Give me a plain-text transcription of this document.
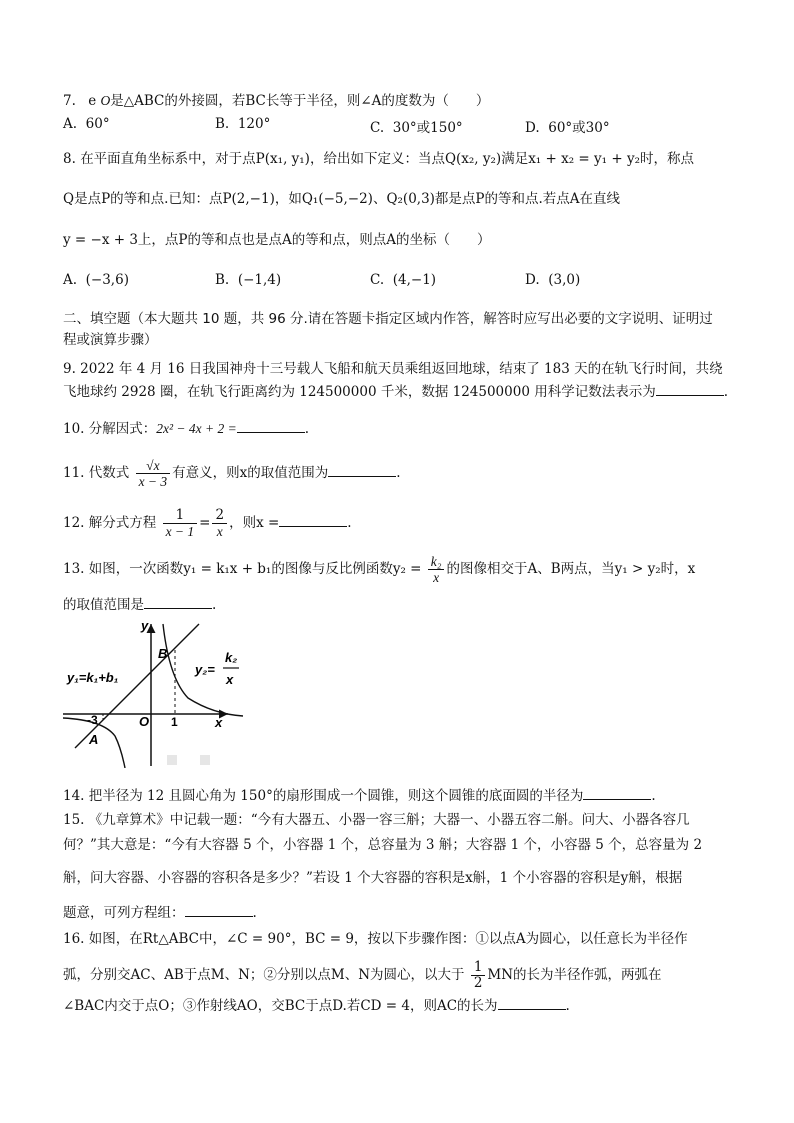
7. e O是△ABC的外接圆，若BC长等于半径，则∠A的度数为（　　）
A. 60°	B. 120°	C. 30°或150°	D. 60°或30°
8. 在平面直角坐标系中，对于点P(x₁, y₁)，给出如下定义：当点Q(x₂, y₂)满足x₁ + x₂ = y₁ + y₂时，称点
Q是点P的等和点.已知：点P(2,−1)，如Q₁(−5,−2)、Q₂(0,3)都是点P的等和点.若点A在直线
y = −x + 3上，点P的等和点也是点A的等和点，则点A的坐标（　　）
A. (−3,6)	B. (−1,4)	C. (4,−1)	D. (3,0)
二、填空题（本大题共 10 题，共 96 分.请在答题卡指定区域内作答，解答时应写出必要的文字说明、证明过
程或演算步骤）
9. 2022 年 4 月 16 日我国神舟十三号载人飞船和航天员乘组返回地球，结束了 183 天的在轨飞行时间，共绕
飞地球约 2928 圈，在轨飞行距离约为 124500000 千米，数据 124500000 用科学记数法表示为	.
10. 分解因式：2x² − 4x + 2 =	.
11. 代数式 $\frac{√x}{x - 3}$ 有意义，则x的取值范围为	.
12. 解分式方程 $\frac{1}{x - 1} = \frac{2}{x}$ ，则x =	.
13. 如图，一次函数y₁ = k₁x + b₁的图像与反比例函数$y_2 = \frac{\text{k₂}}{x}$ 的图像相交于A、B两点，当y₁ > y₂时，x
的取值范围是	.
y
x
O
-3	1
A
B
y₁=k₁+b₁
y₂=
k₂
x
14. 把半径为 12 且圆心角为 150°的扇形围成一个圆锥，则这个圆锥的底面圆的半径为	.
15. 《九章算术》中记载一题：“今有大器五、小器一容三斛；大器一、小器五容二斛。问大、小器各容几
何？”其大意是：“今有大容器 5 个，小容器 1 个，总容量为 3 斛；大容器 1 个，小容器 5 个，总容量为 2
斛，问大容器、小容器的容积各是多少？”若设 1 个大容器的容积是x斛，1 个小容器的容积是y斛，根据
题意，可列方程组：	.
16. 如图，在Rt△ABC中，∠C = 90°，BC = 9，按以下步骤作图：①以点A为圆心，以任意长为半径作
弧，分别交AC、AB于点M、N；②分别以点M、N为圆心，以大于 $\frac{1}{2}$ MN的长为半径作弧，两弧在
∠BAC内交于点O；③作射线AO，交BC于点D.若CD = 4，则AC的长为	.
